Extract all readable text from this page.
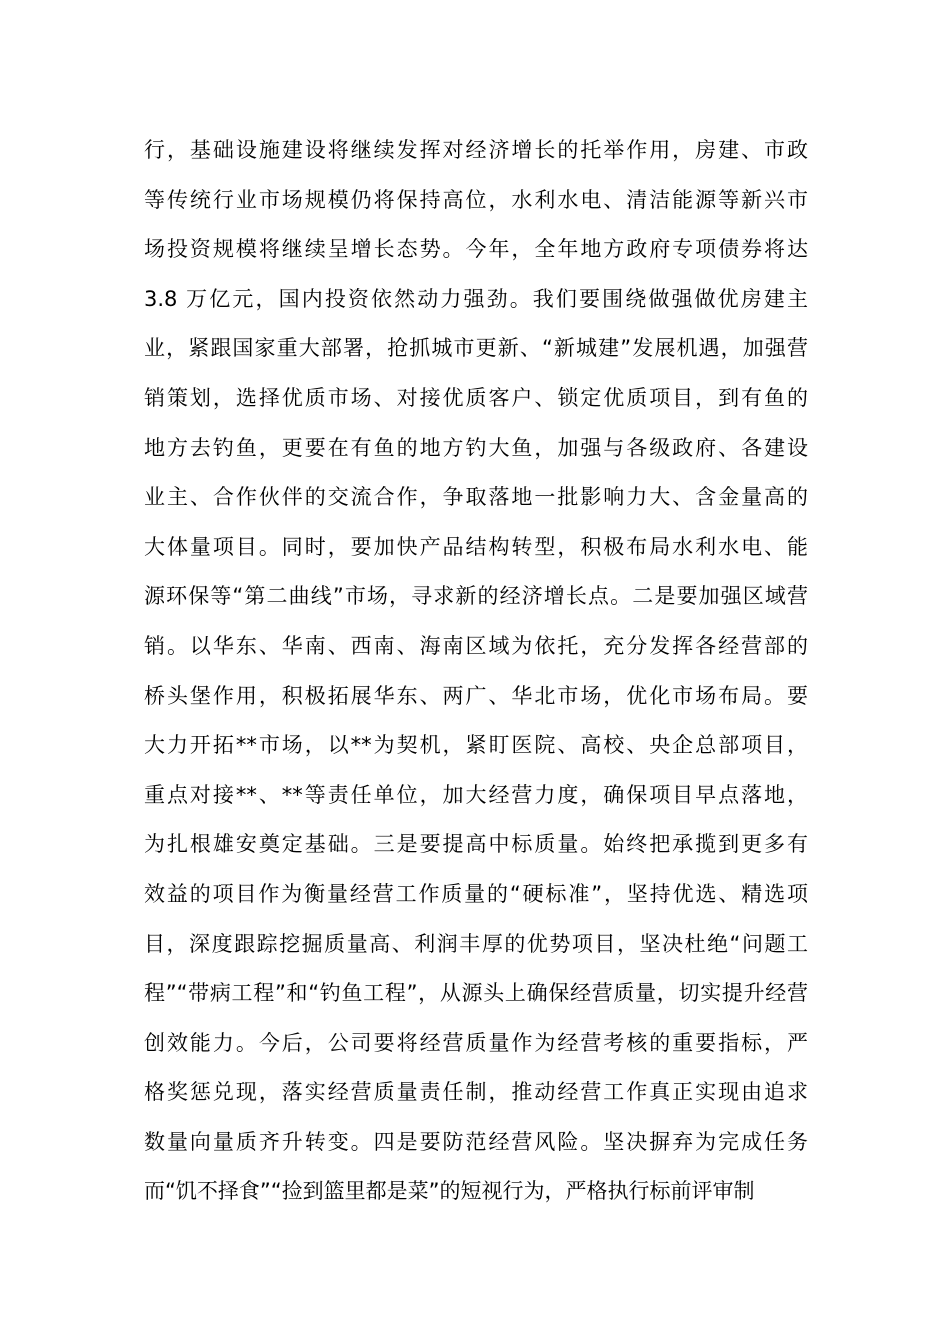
行，基础设施建设将继续发挥对经济增长的托举作用，房建、市政
等传统行业市场规模仍将保持高位，水利水电、清洁能源等新兴市
场投资规模将继续呈增长态势。今年，全年地方政府专项债券将达
3.8 万亿元，国内投资依然动力强劲。我们要围绕做强做优房建主
业，紧跟国家重大部署，抢抓城市更新、“新城建”发展机遇，加强营
销策划，选择优质市场、对接优质客户、锁定优质项目，到有鱼的
地方去钓鱼，更要在有鱼的地方钓大鱼，加强与各级政府、各建设
业主、合作伙伴的交流合作，争取落地一批影响力大、含金量高的
大体量项目。同时，要加快产品结构转型，积极布局水利水电、能
源环保等“第二曲线”市场，寻求新的经济增长点。二是要加强区域营
销。以华东、华南、西南、海南区域为依托，充分发挥各经营部的
桥头堡作用，积极拓展华东、两广、华北市场，优化市场布局。要
大力开拓**市场，以**为契机，紧盯医院、高校、央企总部项目，
重点对接**、**等责任单位，加大经营力度，确保项目早点落地，
为扎根雄安奠定基础。三是要提高中标质量。始终把承揽到更多有
效益的项目作为衡量经营工作质量的“硬标准”，坚持优选、精选项
目，深度跟踪挖掘质量高、利润丰厚的优势项目，坚决杜绝“问题工
程”“带病工程”和“钓鱼工程”，从源头上确保经营质量，切实提升经营
创效能力。今后，公司要将经营质量作为经营考核的重要指标，严
格奖惩兑现，落实经营质量责任制，推动经营工作真正实现由追求
数量向量质齐升转变。四是要防范经营风险。坚决摒弃为完成任务
而“饥不择食”“捡到篮里都是菜”的短视行为，严格执行标前评审制
